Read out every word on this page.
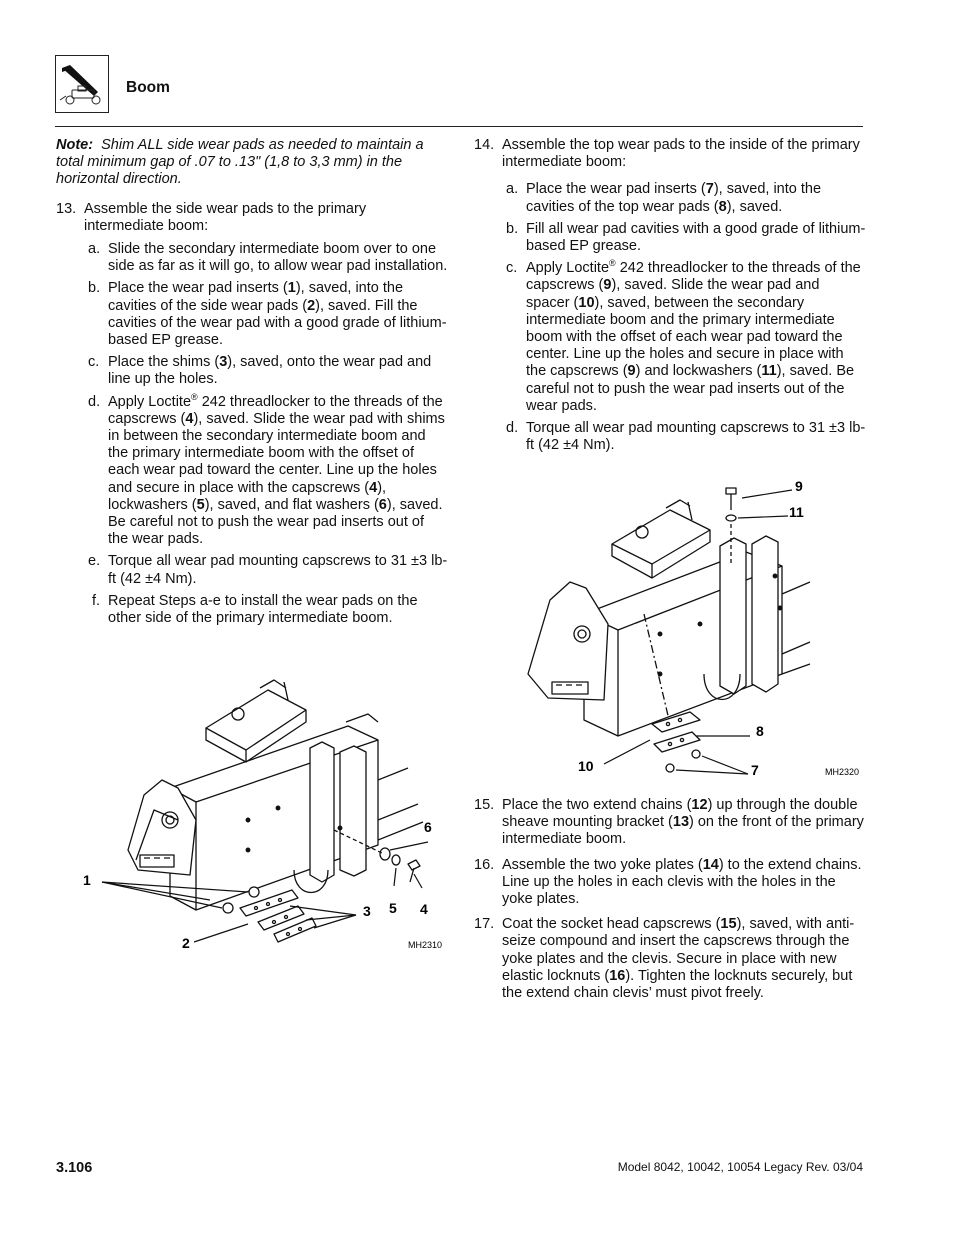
Boom

Note: Shim ALL side wear pads as needed to maintain a total minimum gap of .07 to .13" (1,8 to 3,3 mm) in the horizontal direction.

13. Assemble the side wear pads to the primary intermediate boom:
a. Slide the secondary intermediate boom over to one side as far as it will go, to allow wear pad installation.
b. Place the wear pad inserts (1), saved, into the cavities of the side wear pads (2), saved. Fill the cavities of the wear pad with a good grade of lithium-based EP grease.
c. Place the shims (3), saved, onto the wear pad and line up the holes.
d. Apply Loctite® 242 threadlocker to the threads of the capscrews (4), saved. Slide the wear pad with shims in between the secondary intermediate boom and the primary intermediate boom with the offset of each wear pad toward the center. Line up the holes and secure in place with the capscrews (4), lockwashers (5), saved, and flat washers (6), saved. Be careful not to push the wear pad inserts out of the wear pads.
e. Torque all wear pad mounting capscrews to 31 ±3 lb-ft (42 ±4 Nm).
f. Repeat Steps a-e to install the wear pads on the other side of the primary intermediate boom.
1
2
3	4
5
6
MH2310
14. Assemble the top wear pads to the inside of the primary intermediate boom:
a. Place the wear pad inserts (7), saved, into the cavities of the top wear pads (8), saved.
b. Fill all wear pad cavities with a good grade of lithium-based EP grease.
c. Apply Loctite® 242 threadlocker to the threads of the capscrews (9), saved. Slide the wear pad and spacer (10), saved, between the secondary intermediate boom and the primary intermediate boom with the offset of each wear pad toward the center. Line up the holes and secure in place with the capscrews (9) and lockwashers (11), saved. Be careful not to push the wear pad inserts out of the wear pads.
d. Torque all wear pad mounting capscrews to 31 ±3 lb-ft (42 ±4 Nm).
9
11
8
10	7	MH2320
15. Place the two extend chains (12) up through the double sheave mounting bracket (13) on the front of the primary intermediate boom.
16. Assemble the two yoke plates (14) to the extend chains. Line up the holes in each clevis with the holes in the yoke plates.
17. Coat the socket head capscrews (15), saved, with anti-seize compound and insert the capscrews through the yoke plates and the clevis. Secure in place with new elastic locknuts (16). Tighten the locknuts securely, but the extend chain clevis’ must pivot freely.
3.106	Model 8042, 10042, 10054 Legacy Rev. 03/04
